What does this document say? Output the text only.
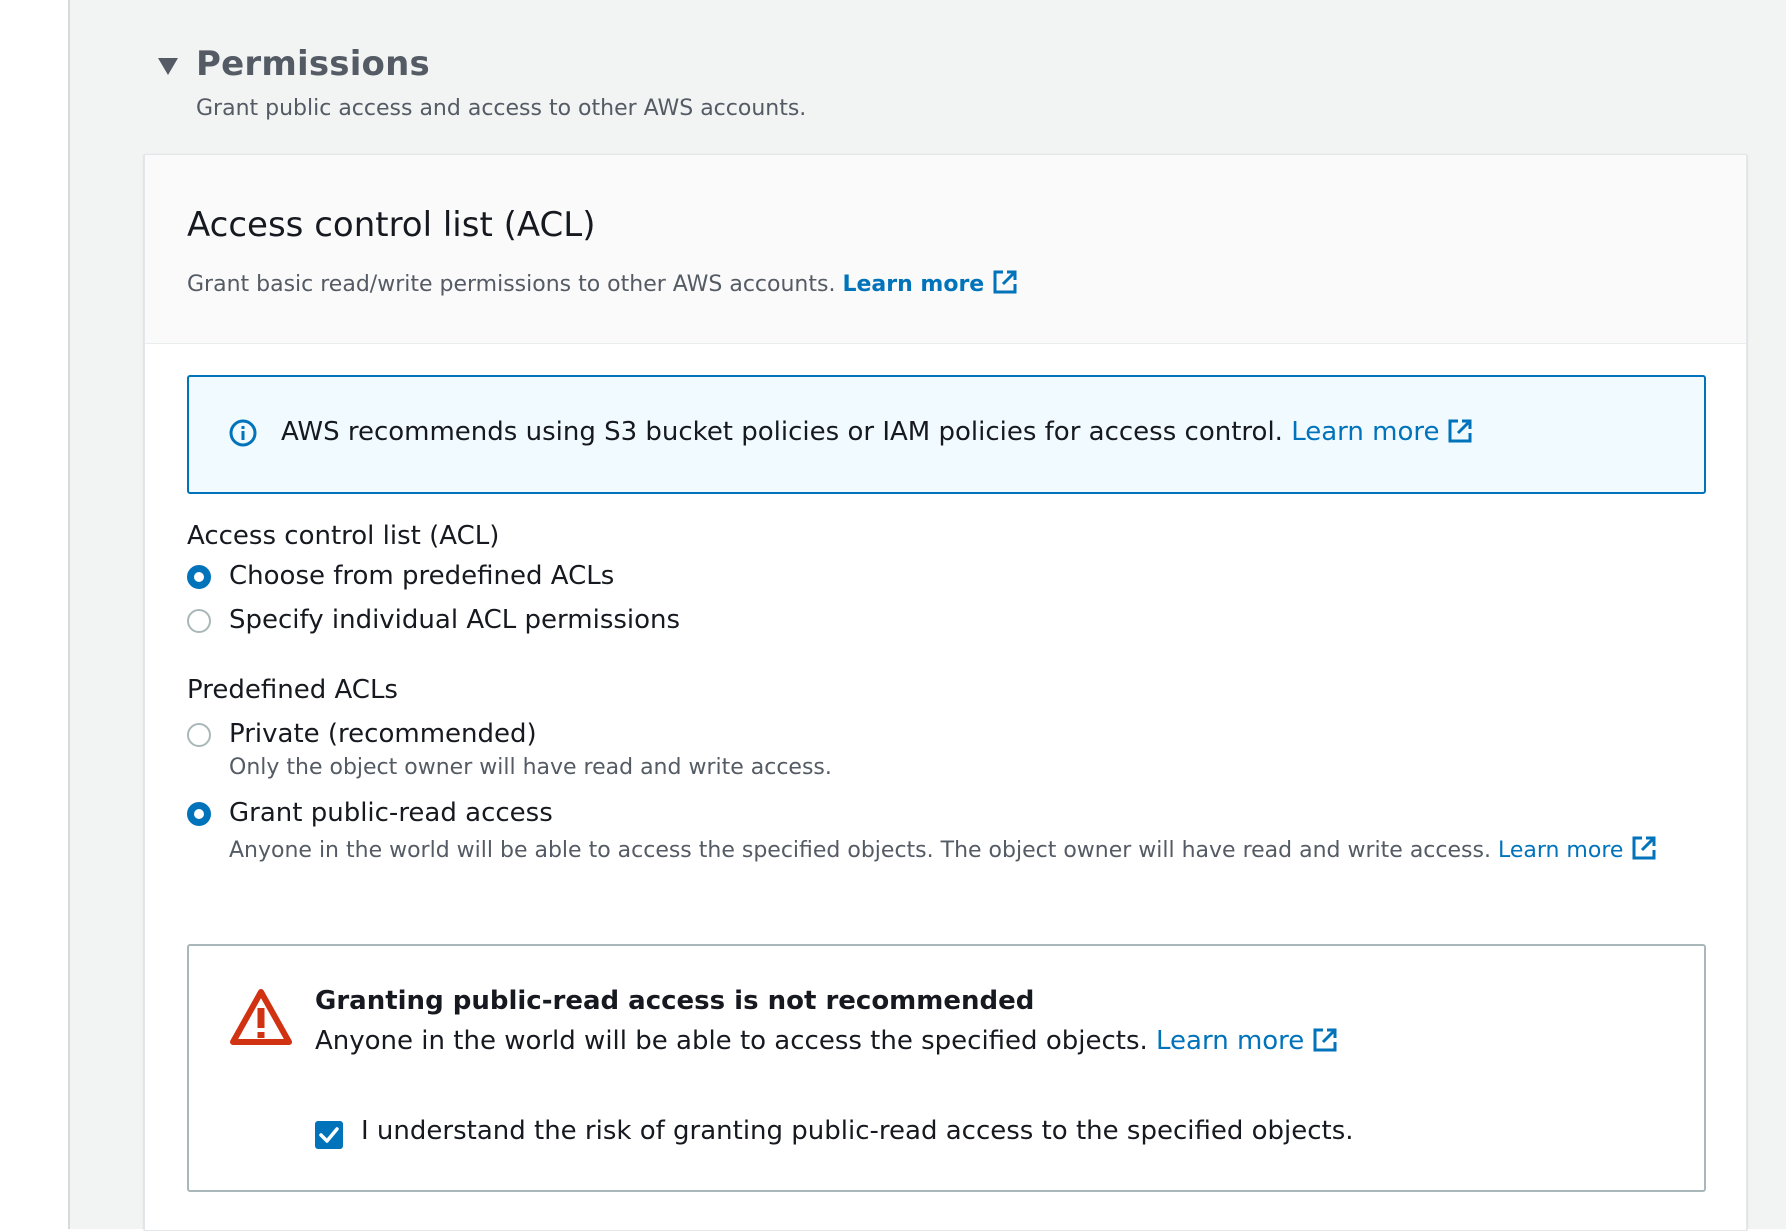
Permissions
Grant public access and access to other AWS accounts.
Access control list (ACL)
Grant basic read/write permissions to other AWS accounts. Learn more
AWS recommends using S3 bucket policies or IAM policies for access control. Learn more
Access control list (ACL)
Choose from predefined ACLs
Specify individual ACL permissions
Predefined ACLs
Private (recommended)
Only the object owner will have read and write access.
Grant public-read access
Anyone in the world will be able to access the specified objects. The object owner will have read and write access. Learn more
Granting public-read access is not recommended
Anyone in the world will be able to access the specified objects. Learn more
I understand the risk of granting public-read access to the specified objects.
